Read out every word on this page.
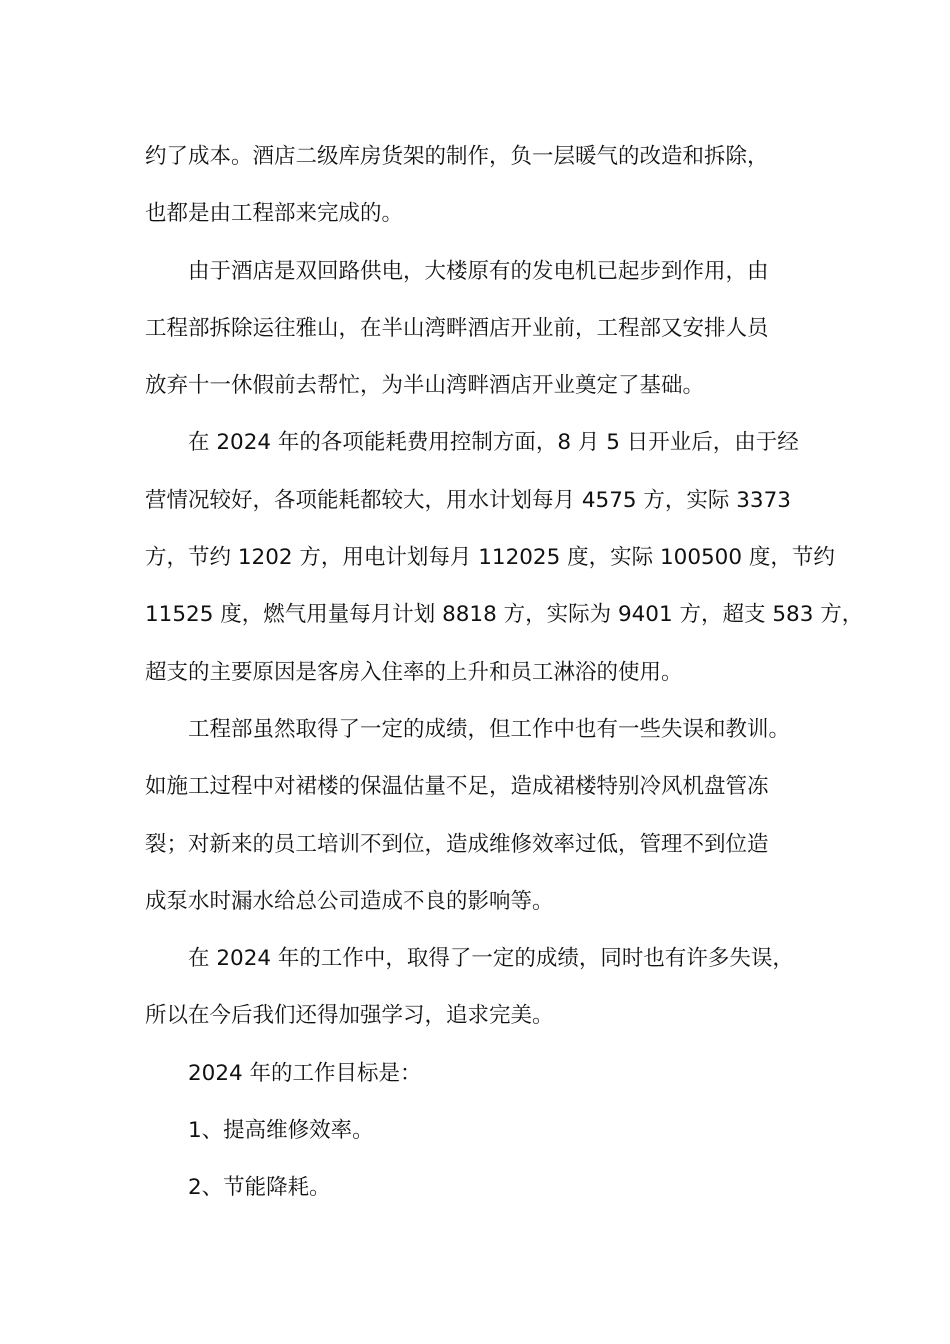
约了成本。酒店二级库房货架的制作，负一层暖气的改造和拆除，
也都是由工程部来完成的。
由于酒店是双回路供电，大楼原有的发电机已起步到作用，由
工程部拆除运往雅山，在半山湾畔酒店开业前，工程部又安排人员
放弃十一休假前去帮忙，为半山湾畔酒店开业奠定了基础。
在 2024 年的各项能耗费用控制方面，8 月 5 日开业后，由于经
营情况较好，各项能耗都较大，用水计划每月 4575 方，实际 3373
方，节约 1202 方，用电计划每月 112025 度，实际 100500 度，节约
11525 度，燃气用量每月计划 8818 方，实际为 9401 方，超支 583 方，
超支的主要原因是客房入住率的上升和员工淋浴的使用。
工程部虽然取得了一定的成绩，但工作中也有一些失误和教训。
如施工过程中对裙楼的保温估量不足，造成裙楼特别冷风机盘管冻
裂；对新来的员工培训不到位，造成维修效率过低，管理不到位造
成泵水时漏水给总公司造成不良的影响等。
在 2024 年的工作中，取得了一定的成绩，同时也有许多失误，
所以在今后我们还得加强学习，追求完美。
2024 年的工作目标是：
1、提高维修效率。
2、节能降耗。
